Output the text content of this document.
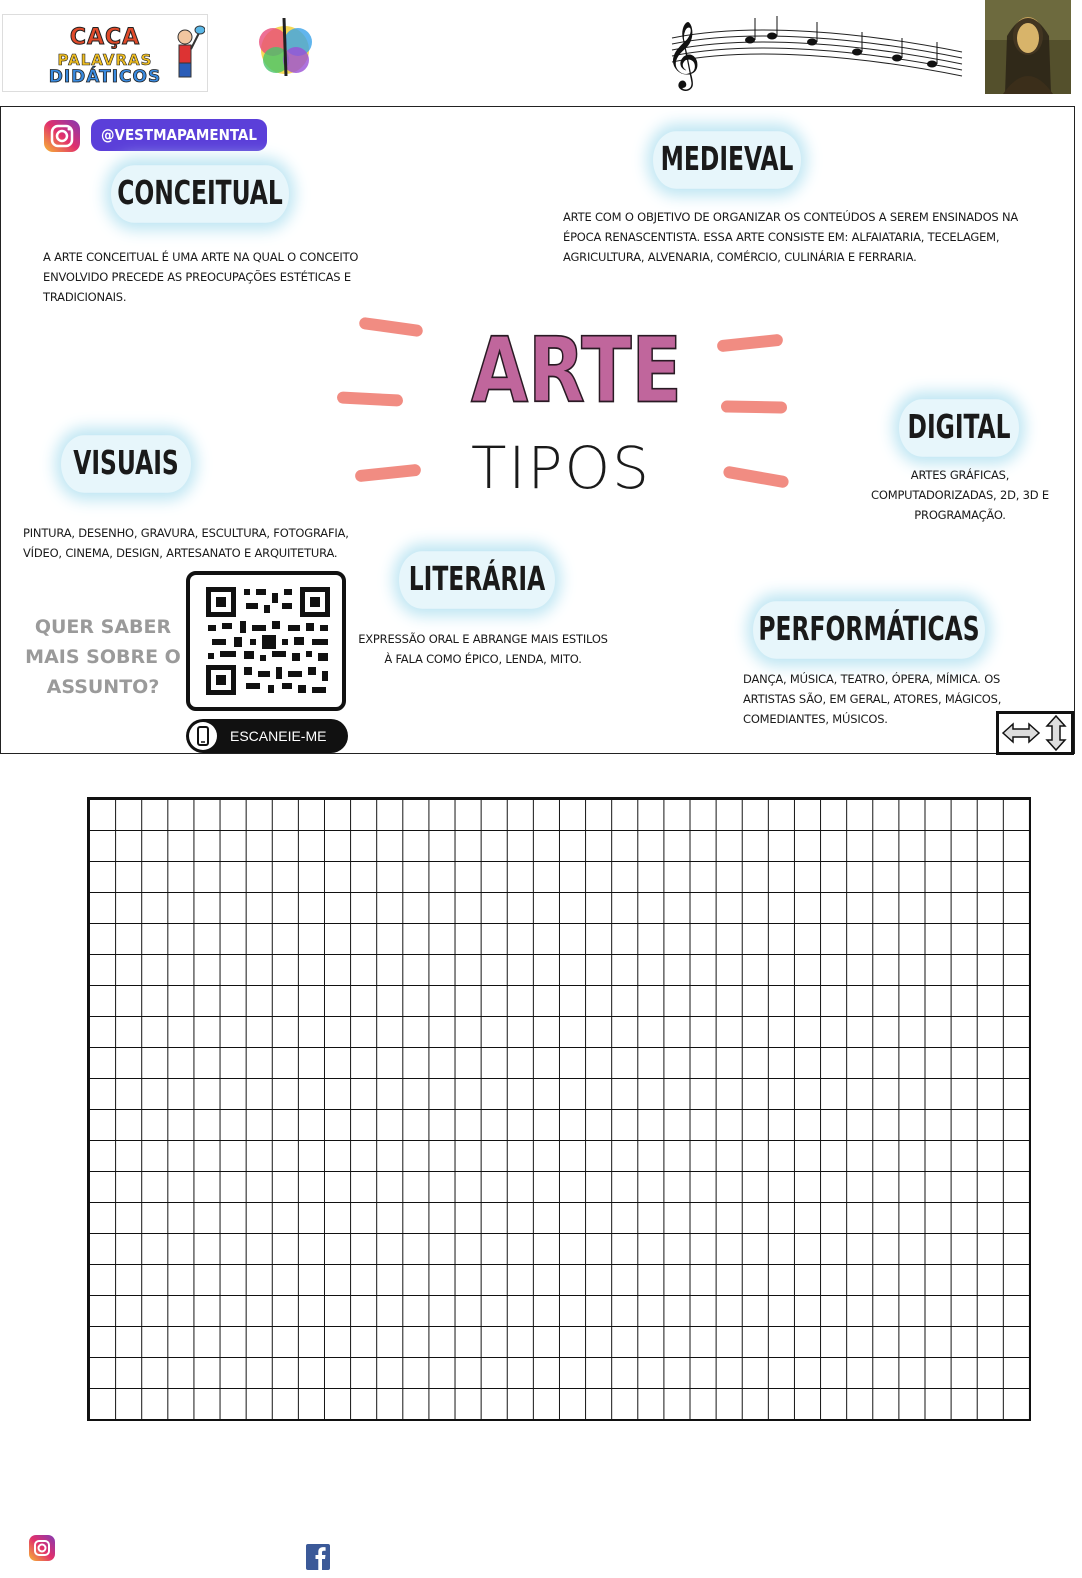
CAÇA
PALAVRAS
DIDÁTICOS	𝄞
@VESTMAPAMENTAL
CONCEITUAL
A ARTE CONCEITUAL É UMA ARTE NA QUAL O CONCEITO ENVOLVIDO PRECEDE AS PREOCUPAÇÕES ESTÉTICAS E TRADICIONAIS.
MEDIEVAL
ARTE COM O OBJETIVO DE ORGANIZAR OS CONTEÚDOS A SEREM ENSINADOS NA ÉPOCA RENASCENTISTA. ESSA ARTE CONSISTE EM: ALFAIATARIA, TECELAGEM, AGRICULTURA, ALVENARIA, COMÉRCIO, CULINÁRIA E FERRARIA.
DIGITAL
ARTES GRÁFICAS, COMPUTADORIZADAS, 2D, 3D E PROGRAMAÇÃO.
VISUAIS
PINTURA, DESENHO, GRAVURA, ESCULTURA, FOTOGRAFIA, VÍDEO, CINEMA, DESIGN, ARTESANATO E ARQUITETURA.
LITERÁRIA
EXPRESSÃO ORAL E ABRANGE MAIS ESTILOS À FALA COMO ÉPICO, LENDA, MITO.
PERFORMÁTICAS
DANÇA, MÚSICA, TEATRO, ÓPERA, MÍMICA. OS ARTISTAS SÃO, EM GERAL, ATORES, MÁGICOS, COMEDIANTES, MÚSICOS.
ARTE
TIPOS
QUER SABER
MAIS SOBRE O
ASSUNTO?
ESCANEIE-ME
